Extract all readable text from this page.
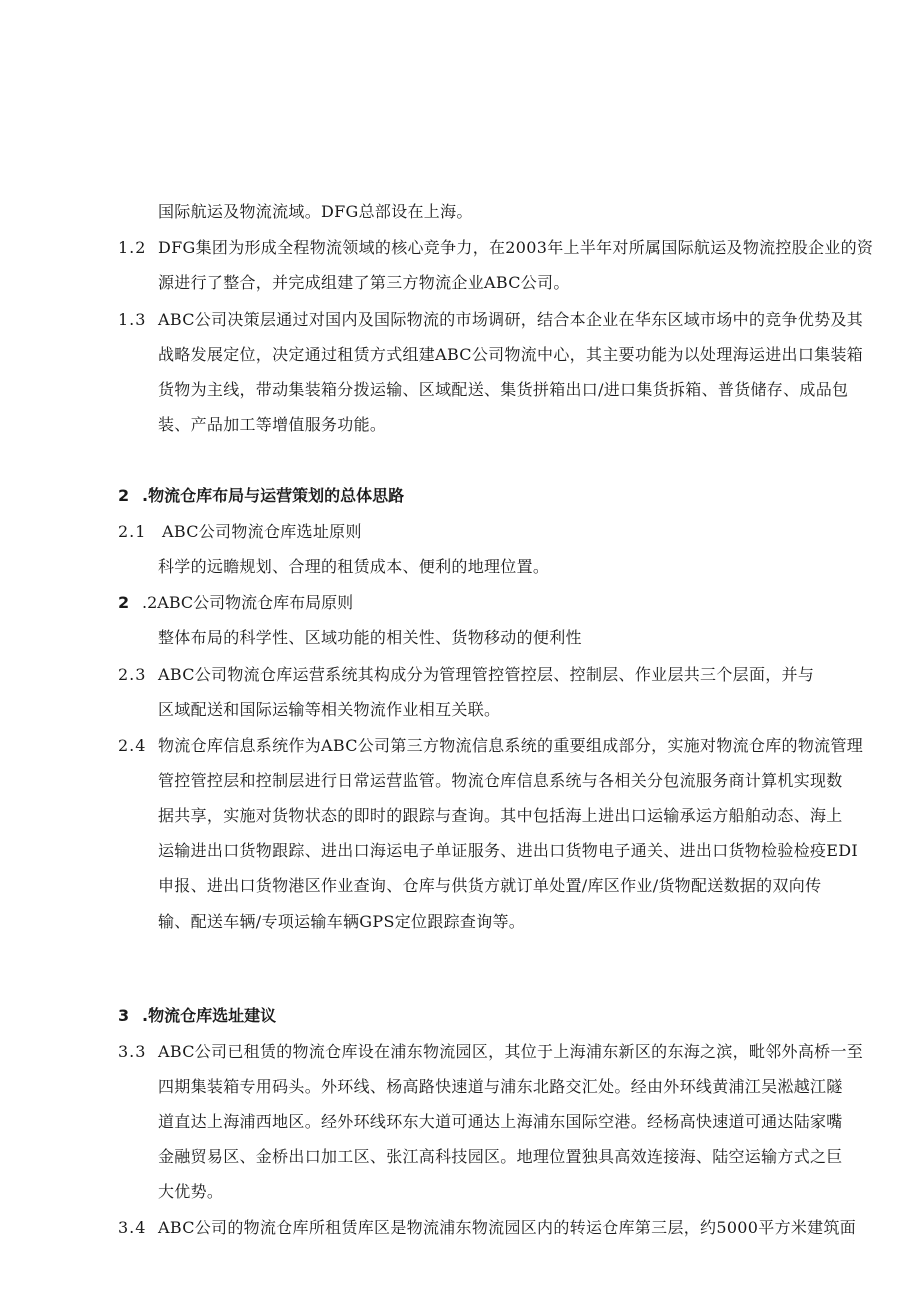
国际航运及物流流域。DFG总部设在上海。
1.2 DFG集团为形成全程物流领域的核心竞争力，在2003年上半年对所属国际航运及物流控股企业的资
源进行了整合，并完成组建了第三方物流企业ABC公司。
1.3 ABC公司决策层通过对国内及国际物流的市场调研，结合本企业在华东区域市场中的竞争优势及其
战略发展定位，决定通过租赁方式组建ABC公司物流中心，其主要功能为以处理海运进出口集装箱
货物为主线，带动集装箱分拨运输、区域配送、集货拼箱出口/进口集货拆箱、普货储存、成品包
装、产品加工等增值服务功能。
2 .物流仓库布局与运营策划的总体思路
2.1 ABC公司物流仓库选址原则
科学的远瞻规划、合理的租赁成本、便利的地理位置。
2 .2ABC公司物流仓库布局原则
整体布局的科学性、区域功能的相关性、货物移动的便利性
2.3 ABC公司物流仓库运营系统其构成分为管理管控管控层、控制层、作业层共三个层面，并与
区域配送和国际运输等相关物流作业相互关联。
2.4 物流仓库信息系统作为ABC公司第三方物流信息系统的重要组成部分，实施对物流仓库的物流管理
管控管控层和控制层进行日常运营监管。物流仓库信息系统与各相关分包流服务商计算机实现数
据共享，实施对货物状态的即时的跟踪与查询。其中包括海上进出口运输承运方船舶动态、海上
运输进出口货物跟踪、进出口海运电子单证服务、进出口货物电子通关、进出口货物检验检疫EDI
申报、进出口货物港区作业查询、仓库与供货方就订单处置/库区作业/货物配送数据的双向传
输、配送车辆/专项运输车辆GPS定位跟踪查询等。
3 .物流仓库选址建议
3.3 ABC公司已租赁的物流仓库设在浦东物流园区，其位于上海浦东新区的东海之滨，毗邻外高桥一至
四期集装箱专用码头。外环线、杨高路快速道与浦东北路交汇处。经由外环线黄浦江吴淞越江隧
道直达上海浦西地区。经外环线环东大道可通达上海浦东国际空港。经杨高快速道可通达陆家嘴
金融贸易区、金桥出口加工区、张江高科技园区。地理位置独具高效连接海、陆空运输方式之巨
大优势。
3.4 ABC公司的物流仓库所租赁库区是物流浦东物流园区内的转运仓库第三层，约5000平方米建筑面
